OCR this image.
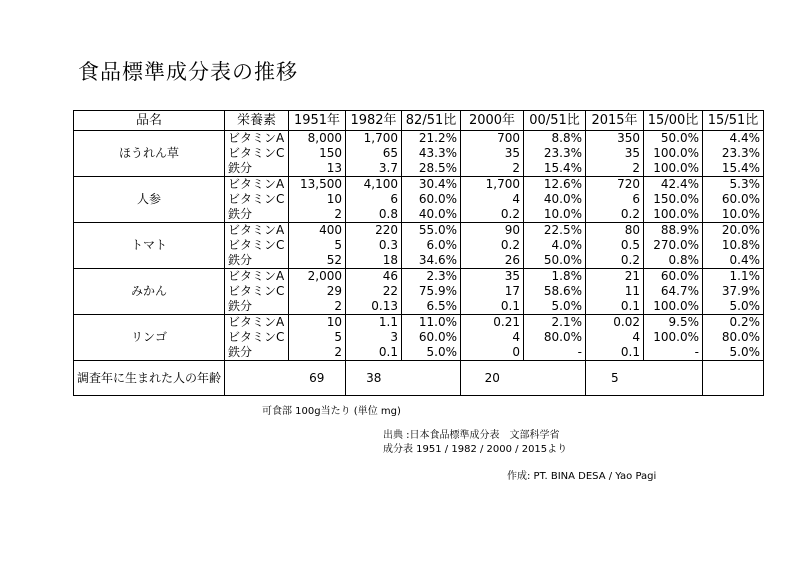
食品標準成分表の推移
品名	栄養素	1951年	1982年	82/51比	2000年	00/51比	2015年	15/00比	15/51比
ほうれん草	ビタミンA	8,000	1,700	21.2%	700	8.8%	350	50.0%	4.4%
	ビタミンC	150	65	43.3%	35	23.3%	35	100.0%	23.3%
	鉄分	13	3.7	28.5%	2	15.4%	2	100.0%	15.4%
人参	ビタミンA	13,500	4,100	30.4%	1,700	12.6%	720	42.4%	5.3%
	ビタミンC	10	6	60.0%	4	40.0%	6	150.0%	60.0%
	鉄分	2	0.8	40.0%	0.2	10.0%	0.2	100.0%	10.0%
トマト	ビタミンA	400	220	55.0%	90	22.5%	80	88.9%	20.0%
	ビタミンC	5	0.3	6.0%	0.2	4.0%	0.5	270.0%	10.8%
	鉄分	52	18	34.6%	26	50.0%	0.2	0.8%	0.4%
みかん	ビタミンA	2,000	46	2.3%	35	1.8%	21	60.0%	1.1%
	ビタミンC	29	22	75.9%	17	58.6%	11	64.7%	37.9%
	鉄分	2	0.13	6.5%	0.1	5.0%	0.1	100.0%	5.0%
リンゴ	ビタミンA	10	1.1	11.0%	0.21	2.1%	0.02	9.5%	0.2%
	ビタミンC	5	3	60.0%	4	80.0%	4	100.0%	80.0%
	鉄分	2	0.1	5.0%	0	-	0.1	-	5.0%
調査年に生まれた人の年齢		69	38		20		5		
可食部 100g当たり (単位 mg)
出典 :日本食品標準成分表　文部科学省
成分表 1951 / 1982 / 2000 / 2015より
作成: PT. BINA DESA / Yao Pagi
